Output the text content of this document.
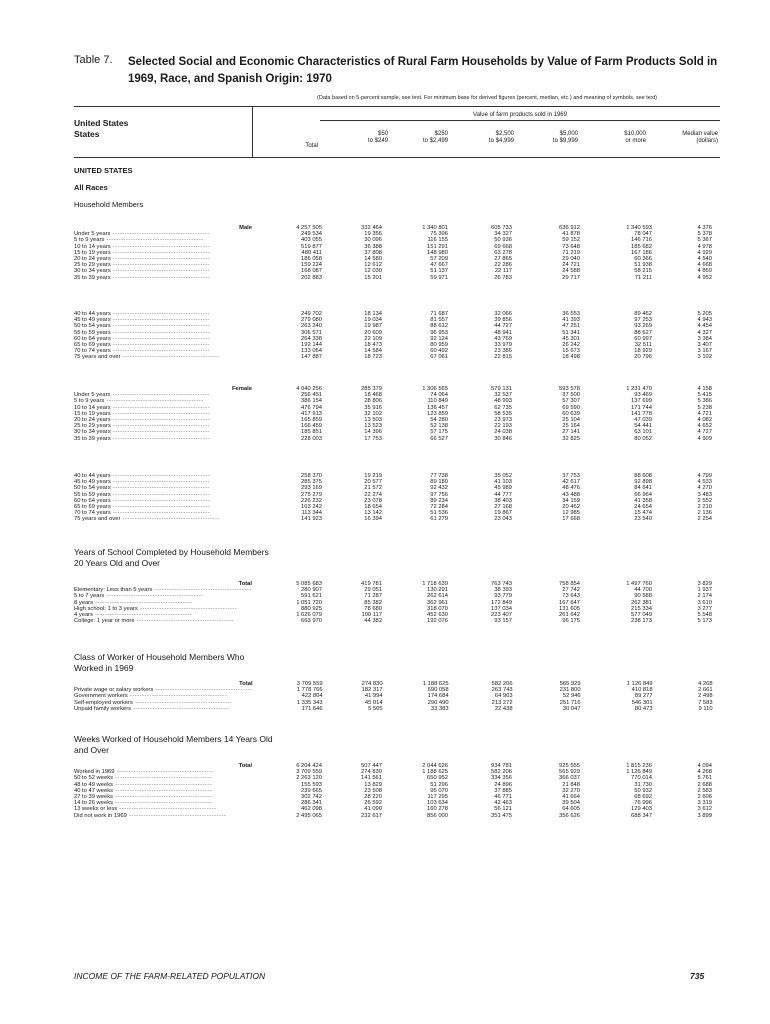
Table 7. Selected Social and Economic Characteristics of Rural Farm Households by Value of Farm Products Sold in 1969, Race, and Spanish Origin: 1970
(Data based on 5-percent sample, see text. For minimum base for derived figures (percent, median, etc.) and meaning of symbols, see text)
United States
States
Value of farm products sold in 1969
Total
$50
to $249
$250
to $2,499
$2,500
to $4,999
$5,000
to $9,999
$10,000
or more
Median value
(dollars)
UNITED STATES
All Races
Household Members
Male	4 257 505	332 464	1 340 801	605 733	636 912	1 340 593	4 376
Under 5 years ----------------------------------------	249 534	19 356	75 396	34 327	41 878	78 047	5 378
5 to 9 years ----------------------------------------	403 055	30 096	116 155	50 936	59 152	146 716	5 367
10 to 14 years ----------------------------------------	519 877	36 388	151 291	69 668	73 648	185 682	4 978
15 to 19 years ----------------------------------------	480 411	37 808	148 980	63 278	71 219	167 186	4 929
20 to 24 years ----------------------------------------	186 058	14 580	57 209	27 865	29 040	60 366	4 540
25 to 29 years ----------------------------------------	159 224	12 612	47 667	22 286	24 721	51 938	4 668
30 to 34 years ----------------------------------------	168 087	12 030	51 137	22 117	24 588	58 215	4 860
35 to 39 years ----------------------------------------	202 883	15 201	59 971	26 783	29 717	71 211	4 952
40 to 44 years ----------------------------------------	249 702	18 134	71 687	32 066	36 553	89 462	5 205
45 to 49 years ----------------------------------------	279 080	19 034	81 557	39 856	41 393	97 253	4 943
50 to 54 years ----------------------------------------	263 240	19 987	88 612	44 727	47 251	93 269	4 454
55 to 59 years ----------------------------------------	306 571	20 609	96 953	48 941	51 341	88 627	4 327
60 to 64 years ----------------------------------------	264 338	22 109	92 124	43 769	45 301	60 997	3 384
65 to 69 years ----------------------------------------	192 144	18 473	80 959	33 979	26 242	32 511	3 407
70 to 74 years ----------------------------------------	133 064	14 584	60 492	23 386	15 673	18 929	3 167
75 years and over ----------------------------------------	147 887	18 723	67 061	22 815	18 498	20 796	3 102
Female	4 040 256	285 379	1 306 565	579 131	593 578	1 231 470	4 158
Under 5 years ----------------------------------------	256 451	18 468	74 064	32 537	37 500	93 469	5 415
5 to 9 years ----------------------------------------	386 154	28 806	110 849	48 993	57 307	137 699	5 386
10 to 14 years ----------------------------------------	476 794	35 916	136 457	62 735	69 590	171 744	5 238
15 to 19 years ----------------------------------------	417 913	32 102	123 859	58 535	60 639	141 778	4 721
20 to 24 years ----------------------------------------	165 859	13 503	54 280	23 973	25 104	47 039	4 082
25 to 29 years ----------------------------------------	166 459	13 523	52 138	22 193	25 164	54 441	4 652
30 to 34 years ----------------------------------------	185 851	14 396	57 175	24 038	27 141	63 101	4 727
35 to 39 years ----------------------------------------	228 003	17 753	66 527	30 846	32 825	80 052	4 909
40 to 44 years ----------------------------------------	258 370	19 219	77 738	35 052	37 753	88 608	4 799
45 to 49 years ----------------------------------------	285 375	20 577	89 180	41 103	42 617	92 898	4 533
50 to 54 years ----------------------------------------	293 169	21 572	92 432	45 989	48 476	84 641	4 270
55 to 59 years ----------------------------------------	275 279	22 274	97 756	44 777	43 488	66 964	3 483
60 to 64 years ----------------------------------------	226 232	23 078	89 234	38 403	34 159	41 358	2 552
65 to 69 years ----------------------------------------	163 242	18 654	72 284	27 168	20 462	24 654	2 210
70 to 74 years ----------------------------------------	113 344	13 142	51 536	19 867	12 985	15 474	2 136
75 years and over ----------------------------------------	141 923	16 394	61 279	23 043	17 668	23 540	2 254
Total	5 085 683	419 781	1 718 639	763 743	758 854	1 497 760	3 829
Elementary: Less than 5 years ----------------------------------------	280 907	29 051	130 291	38 393	27 742	44 700	1 937
5 to 7 years ----------------------------------------	591 621	71 287	262 614	93 779	73 643	90 588	2 174
8 years ----------------------------------------	1 051 720	85 382	362 961	172 849	167 647	262 381	3 610
High school: 1 to 3 years ----------------------------------------	880 925	78 680	318 070	137 034	131 605	215 334	3 277
4 years ----------------------------------------	1 626 079	100 117	452 630	223 407	261 642	577 049	5 548
College: 1 year or more ----------------------------------------	663 970	44 382	192 076	93 157	96 175	238 173	5 173
Total	3 709 559	274 830	1 188 625	582 206	565 929	1 126 849	4 268
Private wage or salary workers ----------------------------------------	1 778 766	182 317	690 058	263 743	231 800	410 818	2 661
Government workers ----------------------------------------	422 804	41 994	174 684	64 903	52 946	89 277	2 498
Self-employed workers ----------------------------------------	1 335 343	45 014	290 490	213 272	251 716	546 301	7 583
Unpaid family workers ----------------------------------------	171 646	5 505	33 383	22 438	30 047	80 473	9 110
Total	6 204 424	507 447	2 044 626	934 781	925 555	1 815 236	4 094
Worked in 1969 ----------------------------------------	3 709 559	274 830	1 188 625	582 206	565 929	1 126 849	4 268
50 to 52 weeks ----------------------------------------	2 263 120	141 561	650 952	334 356	366 037	770 014	5 761
48 to 49 weeks ----------------------------------------	155 593	13 829	51 296	24 896	21 848	31 730	2 688
40 to 47 weeks ----------------------------------------	239 665	23 508	95 070	37 885	32 270	50 932	2 583
27 to 39 weeks ----------------------------------------	302 742	28 220	117 295	46 771	41 664	68 692	2 606
14 to 26 weeks ----------------------------------------	286 341	26 592	103 634	42 463	39 504	76 996	3 319
13 weeks or less ----------------------------------------	462 098	41 090	160 278	56 121	64 605	129 403	3 612
Did not work in 1969 ----------------------------------------	2 495 065	232 617	856 000	351 475	356 626	688 347	3 899
Years of School Completed by Household Members 20 Years Old and Over
Class of Worker of Household Members Who Worked in 1969
Weeks Worked of Household Members 14 Years Old and Over
INCOME OF THE FARM-RELATED POPULATION	735
